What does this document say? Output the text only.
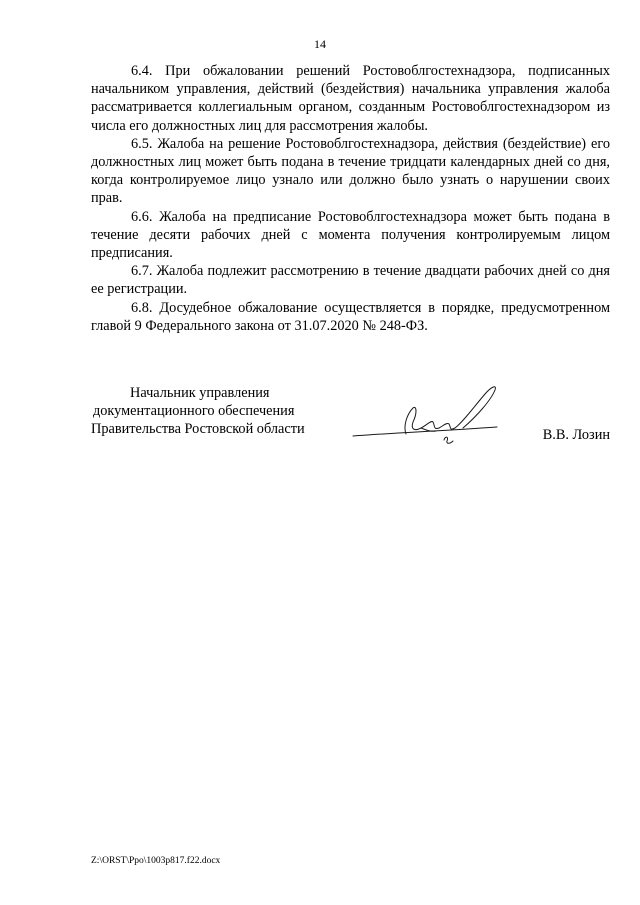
14

6.4. При обжаловании решений Ростовоблгостехнадзора, подписанных начальником управления, действий (бездействия) начальника управления жалоба рассматривается коллегиальным органом, созданным Ростовоблгостехнадзором из числа его должностных лиц для рассмотрения жалобы.

6.5. Жалоба на решение Ростовоблгостехнадзора, действия (бездействие) его должностных лиц может быть подана в течение тридцати календарных дней со дня, когда контролируемое лицо узнало или должно было узнать о нарушении своих прав.

6.6. Жалоба на предписание Ростовоблгостехнадзора может быть подана в течение десяти рабочих дней с момента получения контролируемым лицом предписания.

6.7. Жалоба подлежит рассмотрению в течение двадцати рабочих дней со дня ее регистрации.

6.8. Досудебное обжалование осуществляется в порядке, предусмотренном главой 9 Федерального закона от 31.07.2020 № 248-ФЗ.

Начальник управления
документационного обеспечения
Правительства Ростовской области	В.В. Лозин
Z:\ORST\Ppo\1003p817.f22.docx
